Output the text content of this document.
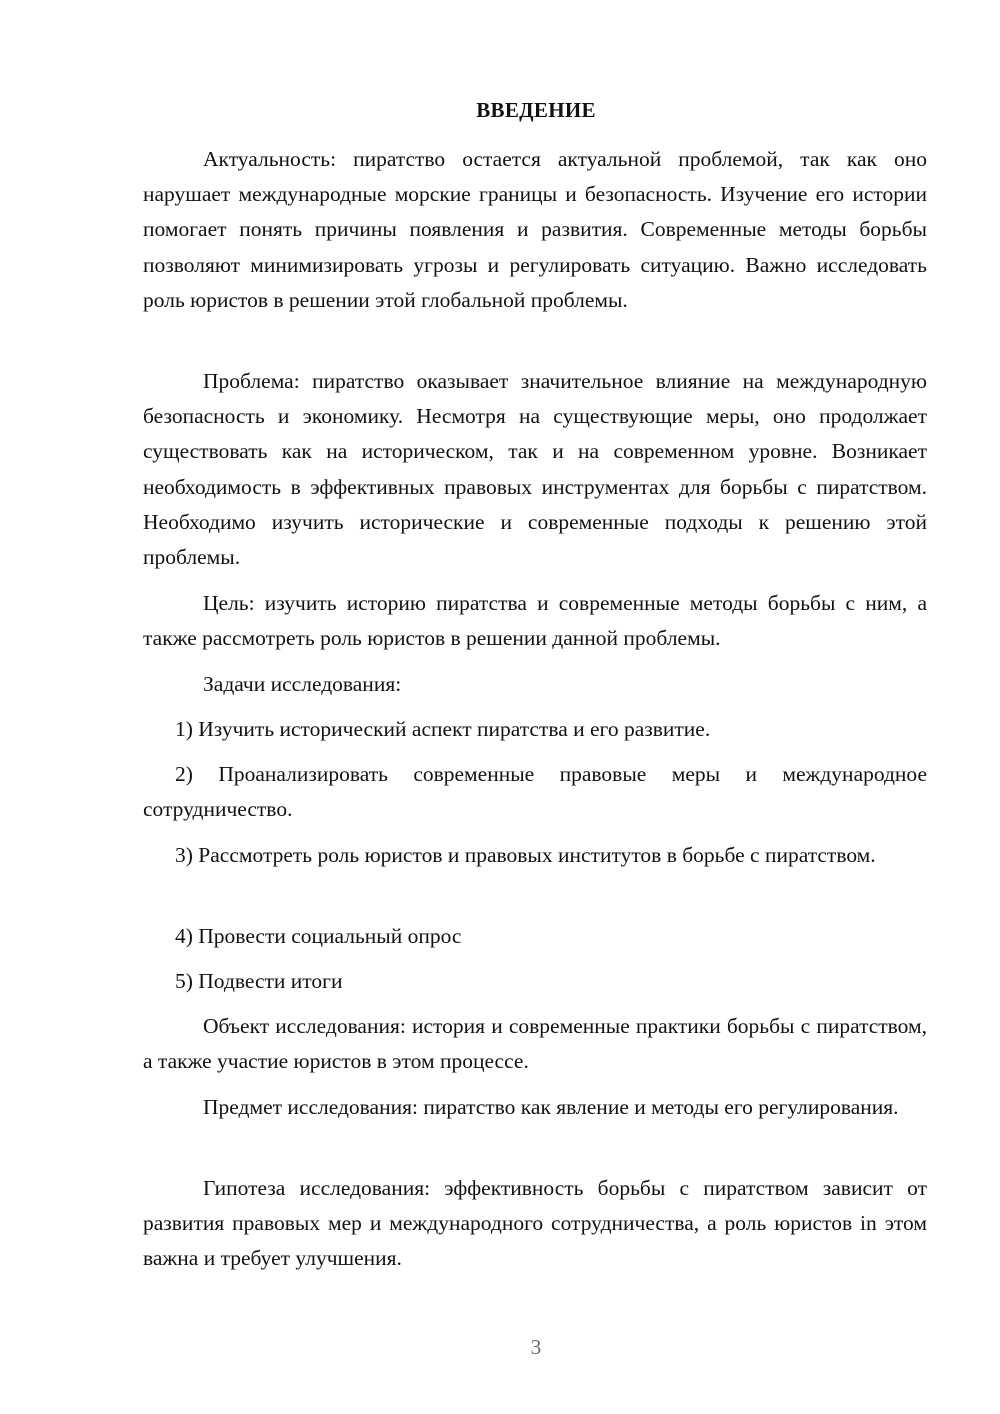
ВВЕДЕНИЕ

Актуальность: пиратство остается актуальной проблемой, так как оно нарушает международные морские границы и безопасность. Изучение его истории помогает понять причины появления и развития. Современные методы борьбы позволяют минимизировать угрозы и регулировать ситуацию. Важно исследовать роль юристов в решении этой глобальной проблемы.

Проблема: пиратство оказывает значительное влияние на международную безопасность и экономику. Несмотря на существующие меры, оно продолжает существовать как на историческом, так и на современном уровне. Возникает необходимость в эффективных правовых инструментах для борьбы с пиратством. Необходимо изучить исторические и современные подходы к решению этой проблемы.

Цель: изучить историю пиратства и современные методы борьбы с ним, а также рассмотреть роль юристов в решении данной проблемы.

Задачи исследования:

1) Изучить исторический аспект пиратства и его развитие.

2) Проанализировать современные правовые меры и международное сотрудничество.

3) Рассмотреть роль юристов и правовых институтов в борьбе с пиратством.

4) Провести социальный опрос

5) Подвести итоги

Объект исследования: история и современные практики борьбы с пиратством, а также участие юристов в этом процессе.

Предмет исследования: пиратство как явление и методы его регулирования.

Гипотеза исследования: эффективность борьбы с пиратством зависит от развития правовых мер и международного сотрудничества, а роль юристов in этом важна и требует улучшения.

3
